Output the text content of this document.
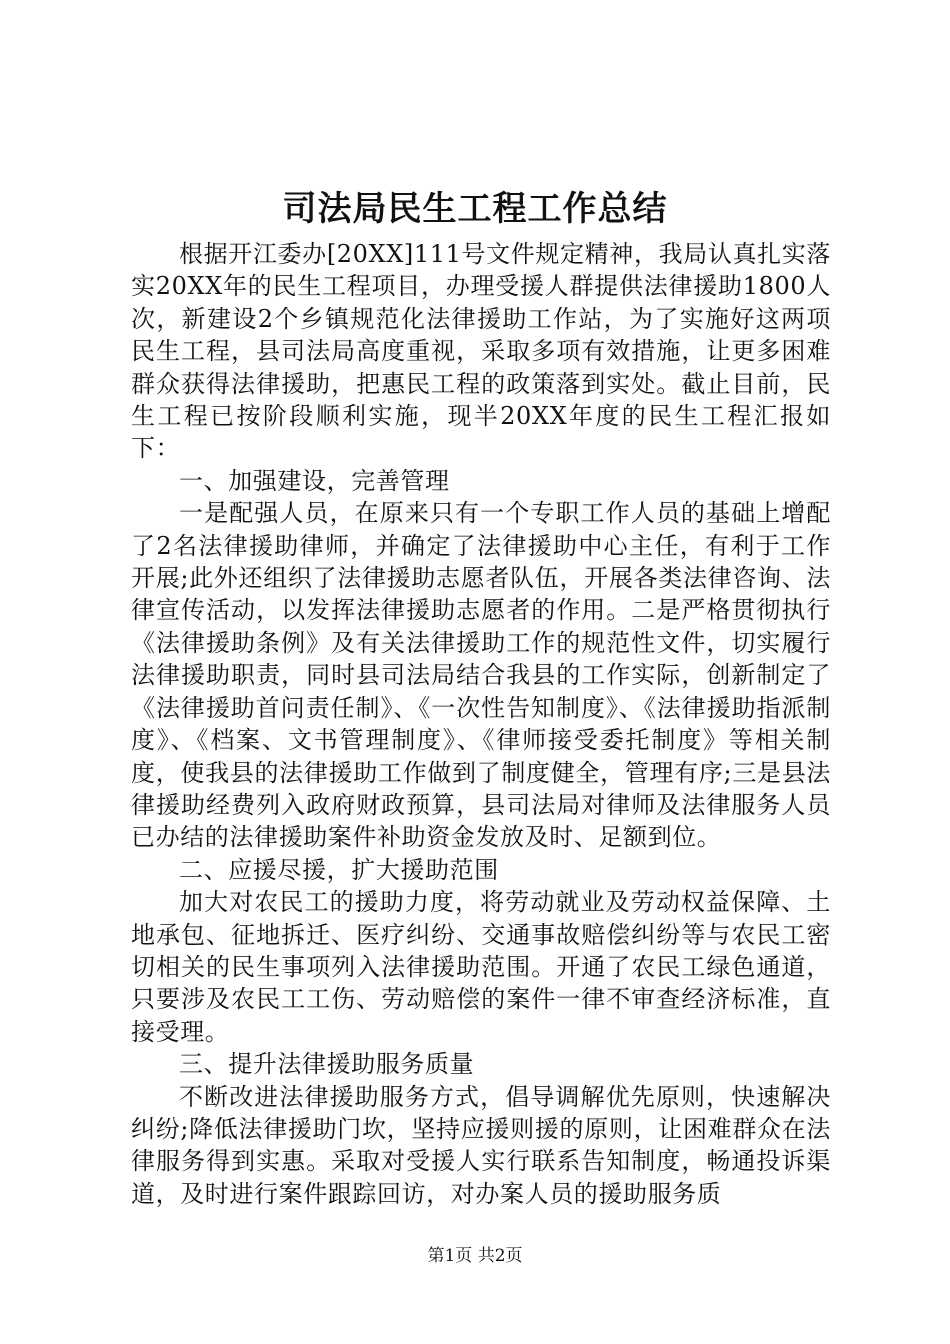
司法局民生工程工作总结

根据开江委办[20XX]111号文件规定精神，我局认真扎实落实20XX年的民生工程项目，办理受援人群提供法律援助1800人次，新建设2个乡镇规范化法律援助工作站，为了实施好这两项民生工程，县司法局高度重视，采取多项有效措施，让更多困难群众获得法律援助，把惠民工程的政策落到实处。截止目前，民生工程已按阶段顺利实施，现半20XX年度的民生工程汇报如下：

一、加强建设，完善管理

一是配强人员，在原来只有一个专职工作人员的基础上增配了2名法律援助律师，并确定了法律援助中心主任，有利于工作开展;此外还组织了法律援助志愿者队伍，开展各类法律咨询、法律宣传活动，以发挥法律援助志愿者的作用。二是严格贯彻执行《法律援助条例》及有关法律援助工作的规范性文件，切实履行法律援助职责，同时县司法局结合我县的工作实际，创新制定了《法律援助首问责任制》、《一次性告知制度》、《法律援助指派制度》、《档案、文书管理制度》、《律师接受委托制度》等相关制度，使我县的法律援助工作做到了制度健全，管理有序;三是县法律援助经费列入政府财政预算，县司法局对律师及法律服务人员已办结的法律援助案件补助资金发放及时、足额到位。

二、应援尽援，扩大援助范围

加大对农民工的援助力度，将劳动就业及劳动权益保障、土地承包、征地拆迁、医疗纠纷、交通事故赔偿纠纷等与农民工密切相关的民生事项列入法律援助范围。开通了农民工绿色通道，只要涉及农民工工伤、劳动赔偿的案件一律不审查经济标准，直接受理。

三、提升法律援助服务质量

不断改进法律援助服务方式，倡导调解优先原则，快速解决纠纷;降低法律援助门坎，坚持应援则援的原则，让困难群众在法律服务得到实惠。采取对受援人实行联系告知制度，畅通投诉渠道，及时进行案件跟踪回访，对办案人员的援助服务质

第1页 共2页
